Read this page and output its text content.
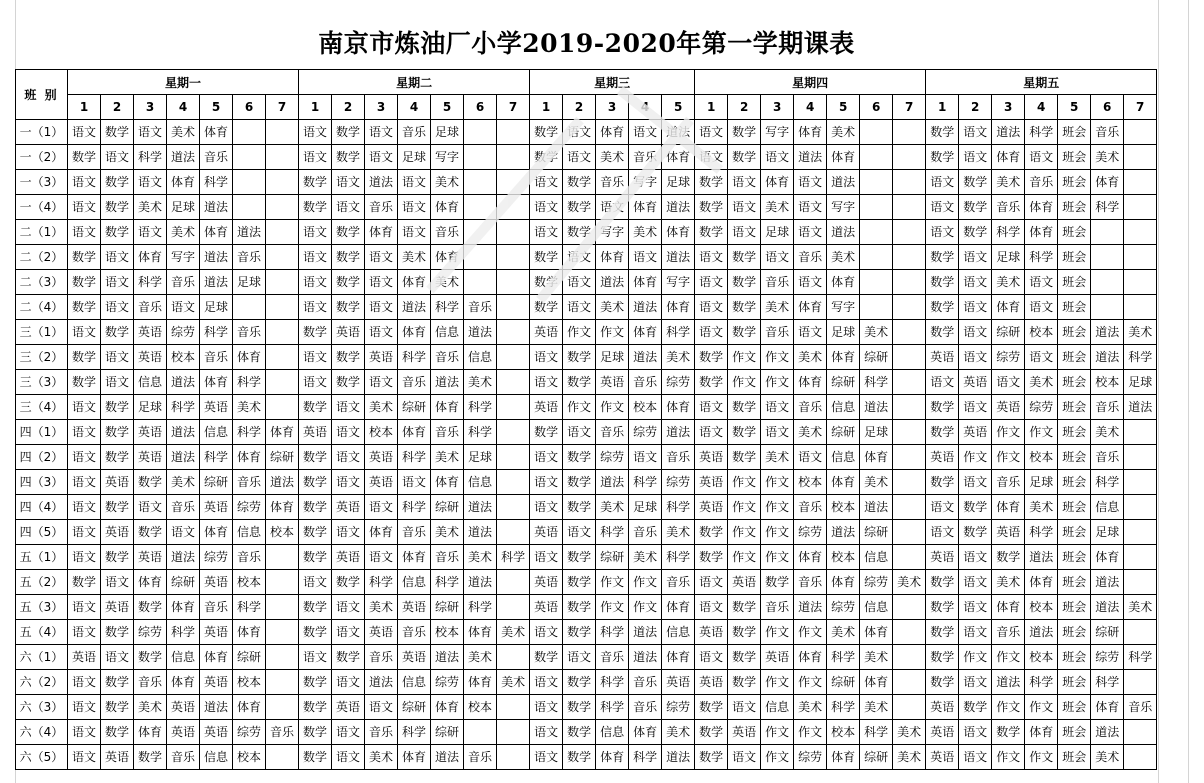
南京市炼油厂小学2019-2020年第一学期课表
班 别	星期一							星期二							星期三					星期四							星期五						
	1	2	3	4	5	6	7	1	2	3	4	5	6	7	1	2	3	4	5	1	2	3	4	5	6	7	1	2	3	4	5	6	7
一（1）	语文	数学	语文	美术	体育			语文	数学	语文	音乐	足球			数学	语文	体育	语文	道法	语文	数学	写字	体育	美术			数学	语文	道法	科学	班会	音乐	
一（2）	数学	语文	科学	道法	音乐			语文	数学	语文	足球	写字			数学	语文	美术	音乐	体育	语文	数学	语文	道法	体育			数学	语文	体育	语文	班会	美术	
一（3）	语文	数学	语文	体育	科学			数学	语文	道法	语文	美术			语文	数学	音乐	写字	足球	数学	语文	体育	语文	道法			语文	数学	美术	音乐	班会	体育	
一（4）	语文	数学	美术	足球	道法			数学	语文	音乐	语文	体育			语文	数学	语文	体育	道法	数学	语文	美术	语文	写字			语文	数学	音乐	体育	班会	科学	
二（1）	语文	数学	语文	美术	体育	道法		语文	数学	体育	语文	音乐			语文	数学	写字	美术	体育	数学	语文	足球	语文	道法			语文	数学	科学	体育	班会		
二（2）	数学	语文	体育	写字	道法	音乐		语文	数学	语文	美术	体育			数学	语文	体育	语文	道法	语文	数学	语文	音乐	美术			数学	语文	足球	科学	班会		
二（3）	数学	语文	科学	音乐	道法	足球		语文	数学	语文	体育	美术			数学	语文	道法	体育	写字	语文	数学	音乐	语文	体育			数学	语文	美术	语文	班会		
二（4）	数学	语文	音乐	语文	足球			语文	数学	语文	道法	科学	音乐		数学	语文	美术	道法	体育	语文	数学	美术	体育	写字			数学	语文	体育	语文	班会		
三（1）	语文	数学	英语	综劳	科学	音乐		数学	英语	语文	体育	信息	道法		英语	作文	作文	体育	科学	语文	数学	音乐	语文	足球	美术		数学	语文	综研	校本	班会	道法	美术
三（2）	数学	语文	英语	校本	音乐	体育		语文	数学	英语	科学	音乐	信息		语文	数学	足球	道法	美术	数学	作文	作文	美术	体育	综研		英语	语文	综劳	语文	班会	道法	科学
三（3）	数学	语文	信息	道法	体育	科学		语文	数学	语文	音乐	道法	美术		语文	数学	英语	音乐	综劳	数学	作文	作文	体育	综研	科学		语文	英语	语文	美术	班会	校本	足球
三（4）	语文	数学	足球	科学	英语	美术		数学	语文	美术	综研	体育	科学		英语	作文	作文	校本	体育	语文	数学	语文	音乐	信息	道法		数学	语文	英语	综劳	班会	音乐	道法
四（1）	语文	数学	英语	道法	信息	科学	体育	英语	语文	校本	体育	音乐	科学		数学	语文	音乐	综劳	道法	语文	数学	语文	美术	综研	足球		数学	英语	作文	作文	班会	美术	
四（2）	语文	数学	英语	道法	科学	体育	综研	数学	语文	英语	科学	美术	足球		语文	数学	综劳	语文	音乐	英语	数学	美术	语文	信息	体育		英语	作文	作文	校本	班会	音乐	
四（3）	语文	英语	数学	美术	综研	音乐	道法	数学	语文	英语	语文	体育	信息		语文	数学	道法	科学	综劳	英语	作文	作文	校本	体育	美术		数学	语文	音乐	足球	班会	科学	
四（4）	语文	数学	语文	音乐	英语	综劳	体育	数学	英语	语文	科学	综研	道法		语文	数学	美术	足球	科学	英语	作文	作文	音乐	校本	道法		语文	数学	体育	美术	班会	信息	
四（5）	语文	英语	数学	语文	体育	信息	校本	数学	语文	体育	音乐	美术	道法		英语	语文	科学	音乐	美术	数学	作文	作文	综劳	道法	综研		语文	数学	英语	科学	班会	足球	
五（1）	语文	数学	英语	道法	综劳	音乐		数学	英语	语文	体育	音乐	美术	科学	语文	数学	综研	美术	科学	数学	作文	作文	体育	校本	信息		英语	语文	数学	道法	班会	体育	
五（2）	数学	语文	体育	综研	英语	校本		语文	数学	科学	信息	科学	道法		英语	数学	作文	作文	音乐	语文	英语	数学	音乐	体育	综劳	美术	数学	语文	美术	体育	班会	道法	
五（3）	语文	英语	数学	体育	音乐	科学		数学	语文	美术	英语	综研	科学		英语	数学	作文	作文	体育	语文	数学	音乐	道法	综劳	信息		数学	语文	体育	校本	班会	道法	美术
五（4）	语文	数学	综劳	科学	英语	体育		数学	语文	英语	音乐	校本	体育	美术	语文	数学	科学	道法	信息	英语	数学	作文	作文	美术	体育		数学	语文	音乐	道法	班会	综研	
六（1）	英语	语文	数学	信息	体育	综研		语文	数学	音乐	英语	道法	美术		数学	语文	音乐	道法	体育	语文	数学	英语	体育	科学	美术		数学	作文	作文	校本	班会	综劳	科学
六（2）	语文	数学	音乐	体育	英语	校本		数学	语文	道法	信息	综劳	体育	美术	语文	数学	科学	音乐	英语	英语	数学	作文	作文	综研	体育		数学	语文	道法	科学	班会	科学	
六（3）	语文	数学	美术	英语	道法	体育		数学	英语	语文	综研	体育	校本		语文	数学	科学	音乐	综劳	数学	语文	信息	美术	科学	美术		英语	数学	作文	作文	班会	体育	音乐
六（4）	语文	数学	体育	英语	英语	综劳	音乐	数学	语文	音乐	科学	综研			语文	数学	信息	体育	美术	数学	英语	作文	作文	校本	科学	美术	英语	语文	数学	体育	班会	道法	
六（5）	语文	英语	数学	音乐	信息	校本		数学	语文	美术	体育	道法	音乐		语文	数学	体育	科学	道法	数学	语文	作文	综劳	体育	综研	美术	英语	语文	作文	作文	班会	美术	
